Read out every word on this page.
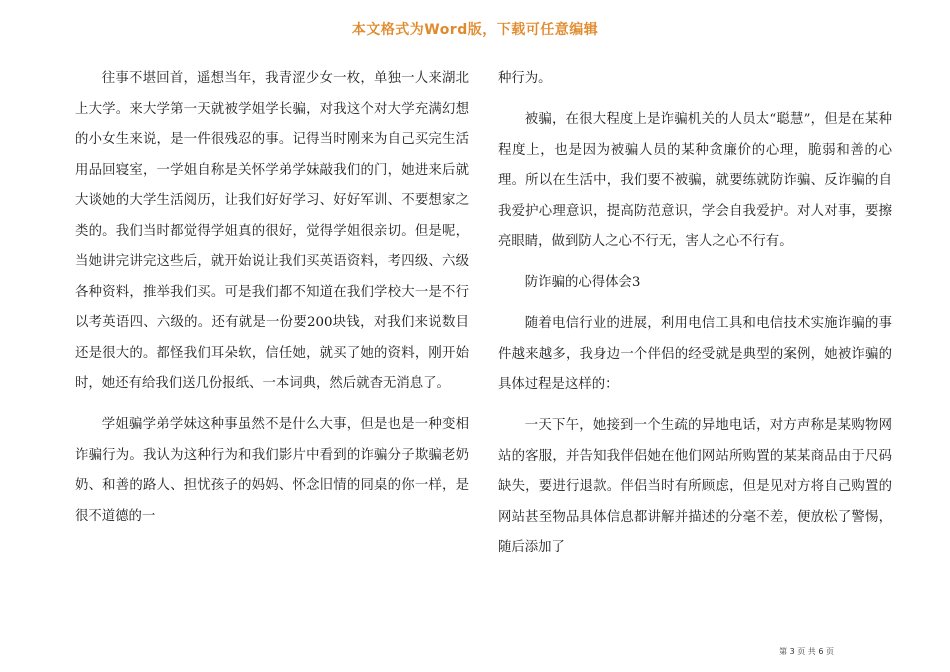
本文格式为Word版，下载可任意编辑

往事不堪回首，遥想当年，我青涩少女一枚，单独一人来湖北上大学。来大学第一天就被学姐学长骗，对我这个对大学充满幻想的小女生来说，是一件很残忍的事。记得当时刚来为自己买完生活用品回寝室，一学姐自称是关怀学弟学妹敲我们的门，她进来后就大谈她的大学生活阅历，让我们好好学习、好好军训、不要想家之类的。我们当时都觉得学姐真的很好，觉得学姐很亲切。但是呢，当她讲完讲完这些后，就开始说让我们买英语资料，考四级、六级各种资料，推举我们买。可是我们都不知道在我们学校大一是不行以考英语四、六级的。还有就是一份要200块钱，对我们来说数目还是很大的。都怪我们耳朵软，信任她，就买了她的资料，刚开始时，她还有给我们送几份报纸、一本词典，然后就杳无消息了。

学姐骗学弟学妹这种事虽然不是什么大事，但是也是一种变相诈骗行为。我认为这种行为和我们影片中看到的诈骗分子欺骗老奶奶、和善的路人、担忧孩子的妈妈、怀念旧情的同桌的你一样，是很不道德的一

种行为。

被骗，在很大程度上是诈骗机关的人员太“聪慧”，但是在某种程度上，也是因为被骗人员的某种贪廉价的心理，脆弱和善的心理。所以在生活中，我们要不被骗，就要练就防诈骗、反诈骗的自我爱护心理意识，提高防范意识，学会自我爱护。对人对事，要擦亮眼睛，做到防人之心不行无，害人之心不行有。

防诈骗的心得体会3

随着电信行业的进展，利用电信工具和电信技术实施诈骗的事件越来越多，我身边一个伴侣的经受就是典型的案例，她被诈骗的具体过程是这样的：

一天下午，她接到一个生疏的异地电话，对方声称是某购物网站的客服，并告知我伴侣她在他们网站所购置的某某商品由于尺码缺失，要进行退款。伴侣当时有所顾虑，但是见对方将自己购置的网站甚至物品具体信息都讲解并描述的分毫不差，便放松了警惕，随后添加了

第 3 页 共 6 页
